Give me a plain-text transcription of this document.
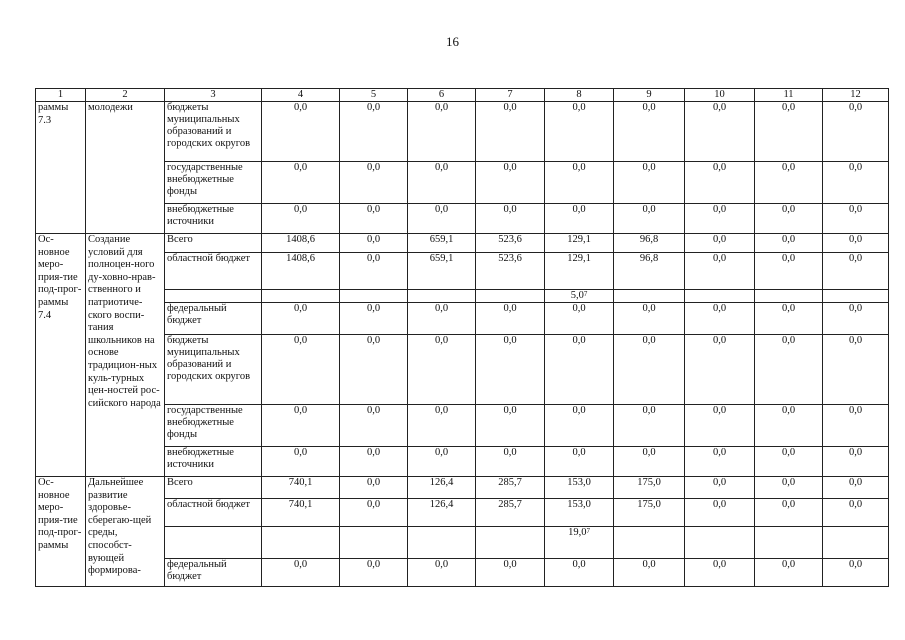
16
1	2	3	4	5	6	7	8	9	10	11	12
раммы 7.3	молодежи	бюджеты муниципальных образований и городских округов	0,0	0,0	0,0	0,0	0,0	0,0	0,0	0,0	0,0
		государственные внебюджетные фонды	0,0	0,0	0,0	0,0	0,0	0,0	0,0	0,0	0,0
		внебюджетные источники	0,0	0,0	0,0	0,0	0,0	0,0	0,0	0,0	0,0
Ос-новное меро-прия-тие под-прог-раммы 7.4	Создание условий для полноцен-ного ду-ховно-нрав-ственного и патриотиче-ского воспи-тания школьников на основе традицион-ных куль-турных цен-ностей рос-сийского народа	Всего	1408,6	0,0	659,1	523,6	129,1	96,8	0,0	0,0	0,0
		областной бюджет	1408,6	0,0	659,1	523,6	129,1	96,8	0,0	0,0	0,0
							$5,0^7$				
		федеральный бюджет	0,0	0,0	0,0	0,0	0,0	0,0	0,0	0,0	0,0
		бюджеты муниципальных образований и городских округов	0,0	0,0	0,0	0,0	0,0	0,0	0,0	0,0	0,0
		государственные внебюджетные фонды	0,0	0,0	0,0	0,0	0,0	0,0	0,0	0,0	0,0
		внебюджетные источники	0,0	0,0	0,0	0,0	0,0	0,0	0,0	0,0	0,0
Ос-новное меро-прия-тие под-прог-раммы	Дальнейшее развитие здоровье-сберегаю-щей среды, способст-вующей формирова-	Всего	740,1	0,0	126,4	285,7	153,0	175,0	0,0	0,0	0,0
		областной бюджет	740,1	0,0	126,4	285,7	153,0	175,0	0,0	0,0	0,0
							19,0$^7$				
		федеральный бюджет	0,0	0,0	0,0	0,0	0,0	0,0	0,0	0,0	0,0
